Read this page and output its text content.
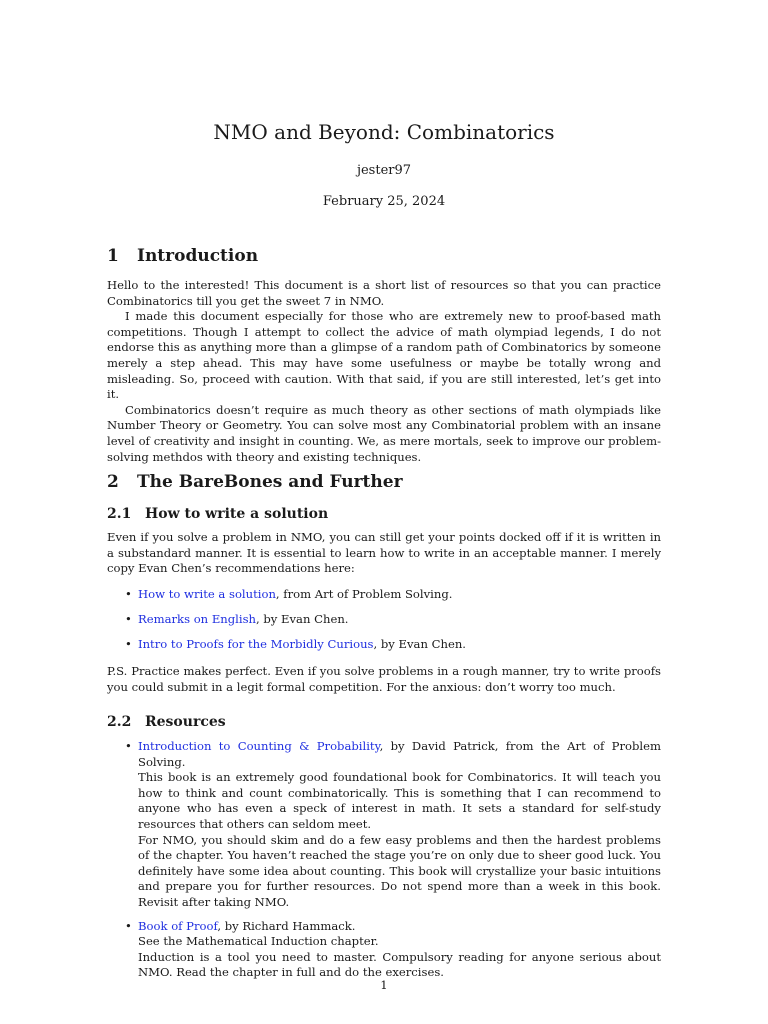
NMO and Beyond: Combinatorics
jester97
February 25, 2024
1 Introduction
Hello to the interested! This document is a short list of resources so that you can practice Combinatorics till you get the sweet 7 in NMO.
I made this document especially for those who are extremely new to proof-based math competitions. Though I attempt to collect the advice of math olympiad legends, I do not endorse this as anything more than a glimpse of a random path of Combinatorics by someone merely a step ahead. This may have some usefulness or maybe be totally wrong and misleading. So, proceed with caution. With that said, if you are still interested, let’s get into it.
Combinatorics doesn’t require as much theory as other sections of math olympiads like Number Theory or Geometry. You can solve most any Combinatorial problem with an insane level of creativity and insight in counting. We, as mere mortals, seek to improve our problem-solving methdos with theory and existing techniques.
2 The BareBones and Further
2.1 How to write a solution
Even if you solve a problem in NMO, you can still get your points docked off if it is written in a substandard manner. It is essential to learn how to write in an acceptable manner. I merely copy Evan Chen’s recommendations here:
• How to write a solution, from Art of Problem Solving.
• Remarks on English, by Evan Chen.
• Intro to Proofs for the Morbidly Curious, by Evan Chen.
P.S. Practice makes perfect. Even if you solve problems in a rough manner, try to write proofs you could submit in a legit formal competition. For the anxious: don’t worry too much.
2.2 Resources
• Introduction to Counting & Probability, by David Patrick, from the Art of Problem Solving.
This book is an extremely good foundational book for Combinatorics. It will teach you how to think and count combinatorically. This is something that I can recommend to anyone who has even a speck of interest in math. It sets a standard for self-study resources that others can seldom meet.
For NMO, you should skim and do a few easy problems and then the hardest problems of the chapter. You haven’t reached the stage you’re on only due to sheer good luck. You definitely have some idea about counting. This book will crystallize your basic intuitions and prepare you for further resources. Do not spend more than a week in this book. Revisit after taking NMO.
• Book of Proof, by Richard Hammack.
See the Mathematical Induction chapter.
Induction is a tool you need to master. Compulsory reading for anyone serious about NMO. Read the chapter in full and do the exercises.
1
